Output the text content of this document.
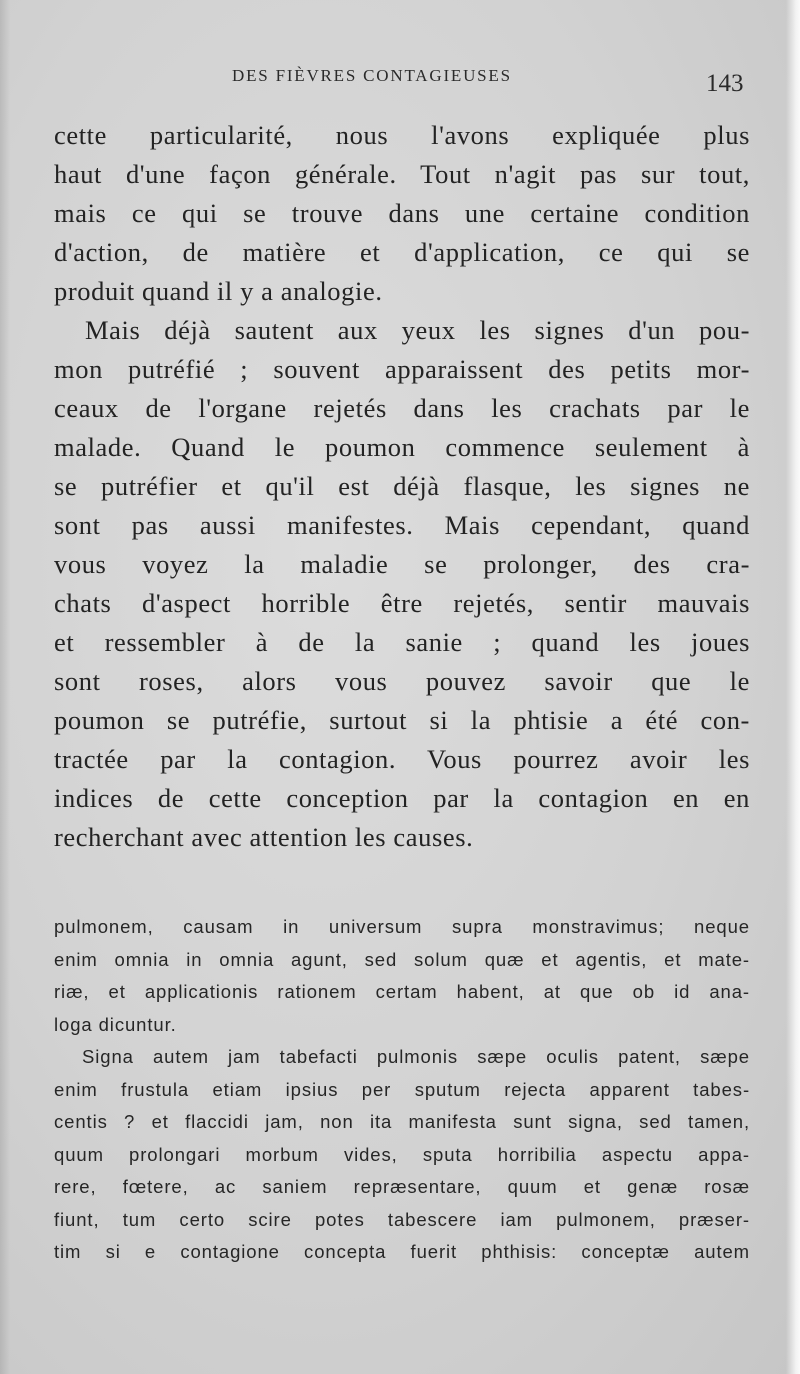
DES FIÈVRES CONTAGIEUSES	143
cette particularité, nous l'avons expliquée plus
haut d'une façon générale. Tout n'agit pas sur tout,
mais ce qui se trouve dans une certaine condition
d'action, de matière et d'application, ce qui se
produit quand il y a analogie.
Mais déjà sautent aux yeux les signes d'un pou-
mon putréfié ; souvent apparaissent des petits mor-
ceaux de l'organe rejetés dans les crachats par le
malade. Quand le poumon commence seulement à
se putréfier et qu'il est déjà flasque, les signes ne
sont pas aussi manifestes. Mais cependant, quand
vous voyez la maladie se prolonger, des cra-
chats d'aspect horrible être rejetés, sentir mauvais
et ressembler à de la sanie ; quand les joues
sont roses, alors vous pouvez savoir que le
poumon se putréfie, surtout si la phtisie a été con-
tractée par la contagion. Vous pourrez avoir les
indices de cette conception par la contagion en en
recherchant avec attention les causes.
pulmonem, causam in universum supra monstravimus; neque
enim omnia in omnia agunt, sed solum quæ et agentis, et mate-
riæ, et applicationis rationem certam habent, at que ob id ana-
loga dicuntur.
Signa autem jam tabefacti pulmonis sæpe oculis patent, sæpe
enim frustula etiam ipsius per sputum rejecta apparent tabes-
centis ? et flaccidi jam, non ita manifesta sunt signa, sed tamen,
quum prolongari morbum vides, sputa horribilia aspectu appa-
rere, fœtere, ac saniem repræsentare, quum et genæ rosæ
fiunt, tum certo scire potes tabescere iam pulmonem, præser-
tim si e contagione concepta fuerit phthisis: conceptæ autem
